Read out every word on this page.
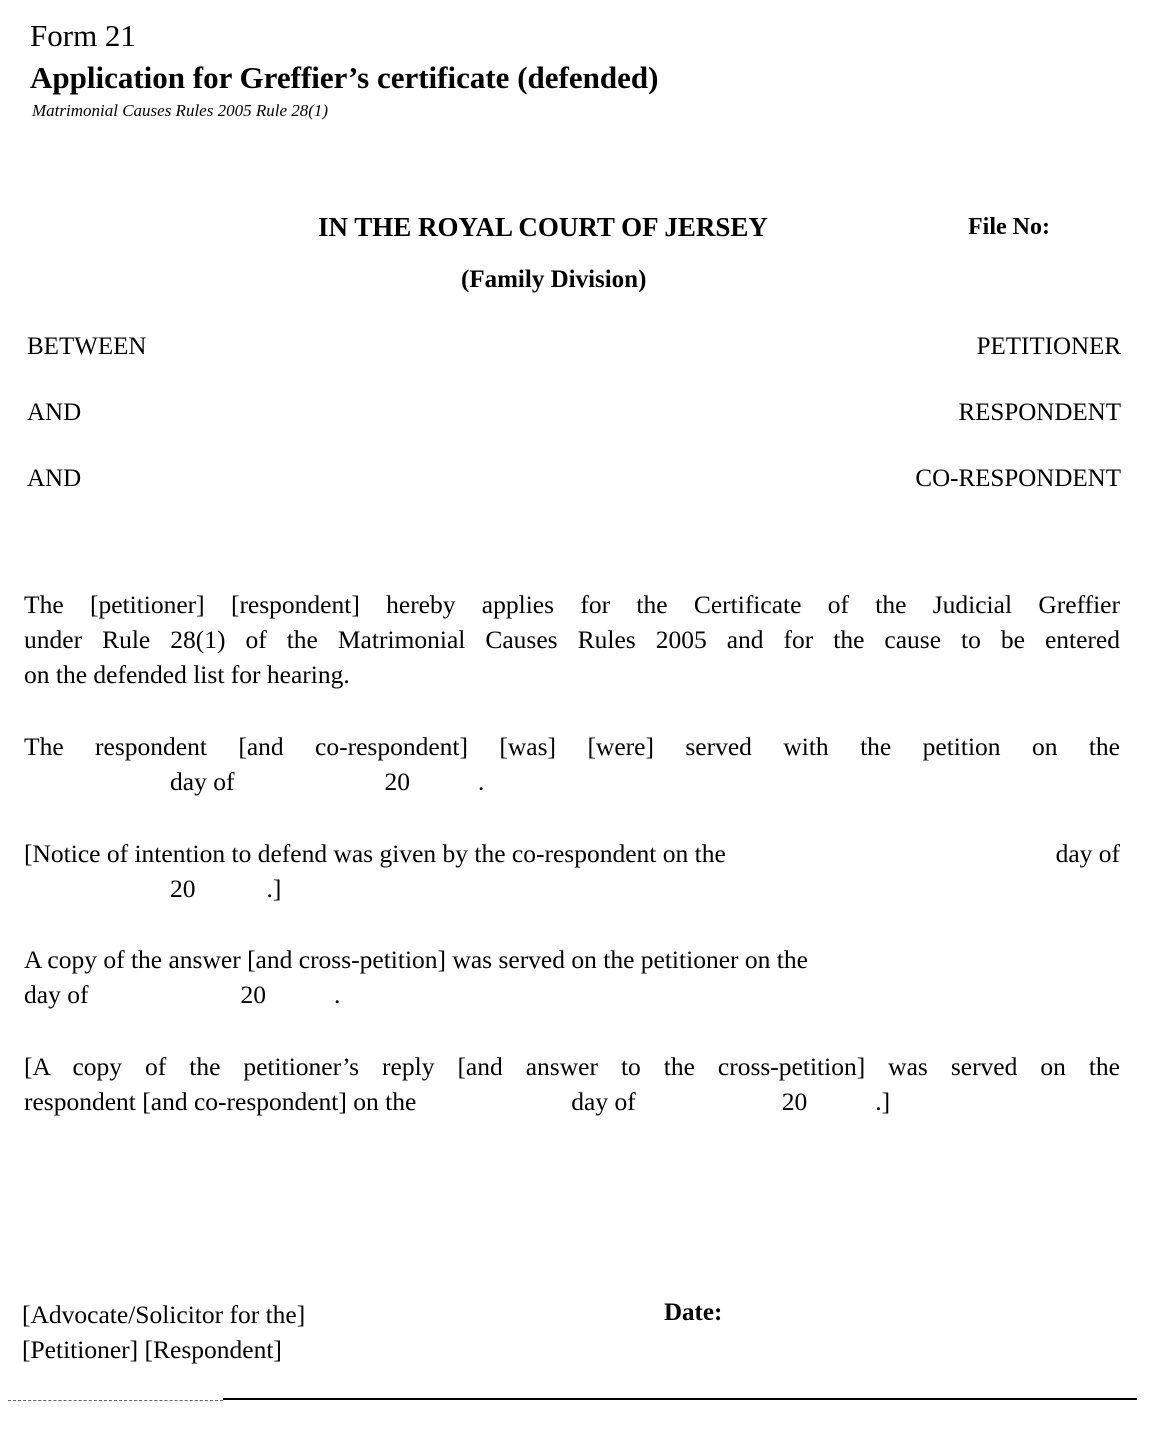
Form 21
Application for Greffier’s certificate (defended)
Matrimonial Causes Rules 2005 Rule 28(1)
IN THE ROYAL COURT OF JERSEY	File No:
(Family Division)
BETWEEN	PETITIONER
AND	RESPONDENT
AND	CO-RESPONDENT
The [petitioner] [respondent] hereby applies for the Certificate of the Judicial Greffier
under Rule 28(1) of the Matrimonial Causes Rules 2005 and for the cause to be entered
on the defended list for hearing.
The respondent [and co-respondent] [was] [were] served with the petition on the
day of	20	.
[Notice of intention to defend was given by the co-respondent on the	day of
20	.]
A copy of the answer [and cross-petition] was served on the petitioner on the
day of	20	.
[A copy of the petitioner’s reply [and answer to the cross-petition] was served on the
respondent [and co-respondent] on the	day of	20	.]
[Advocate/Solicitor for the]
[Petitioner] [Respondent]
Date:
